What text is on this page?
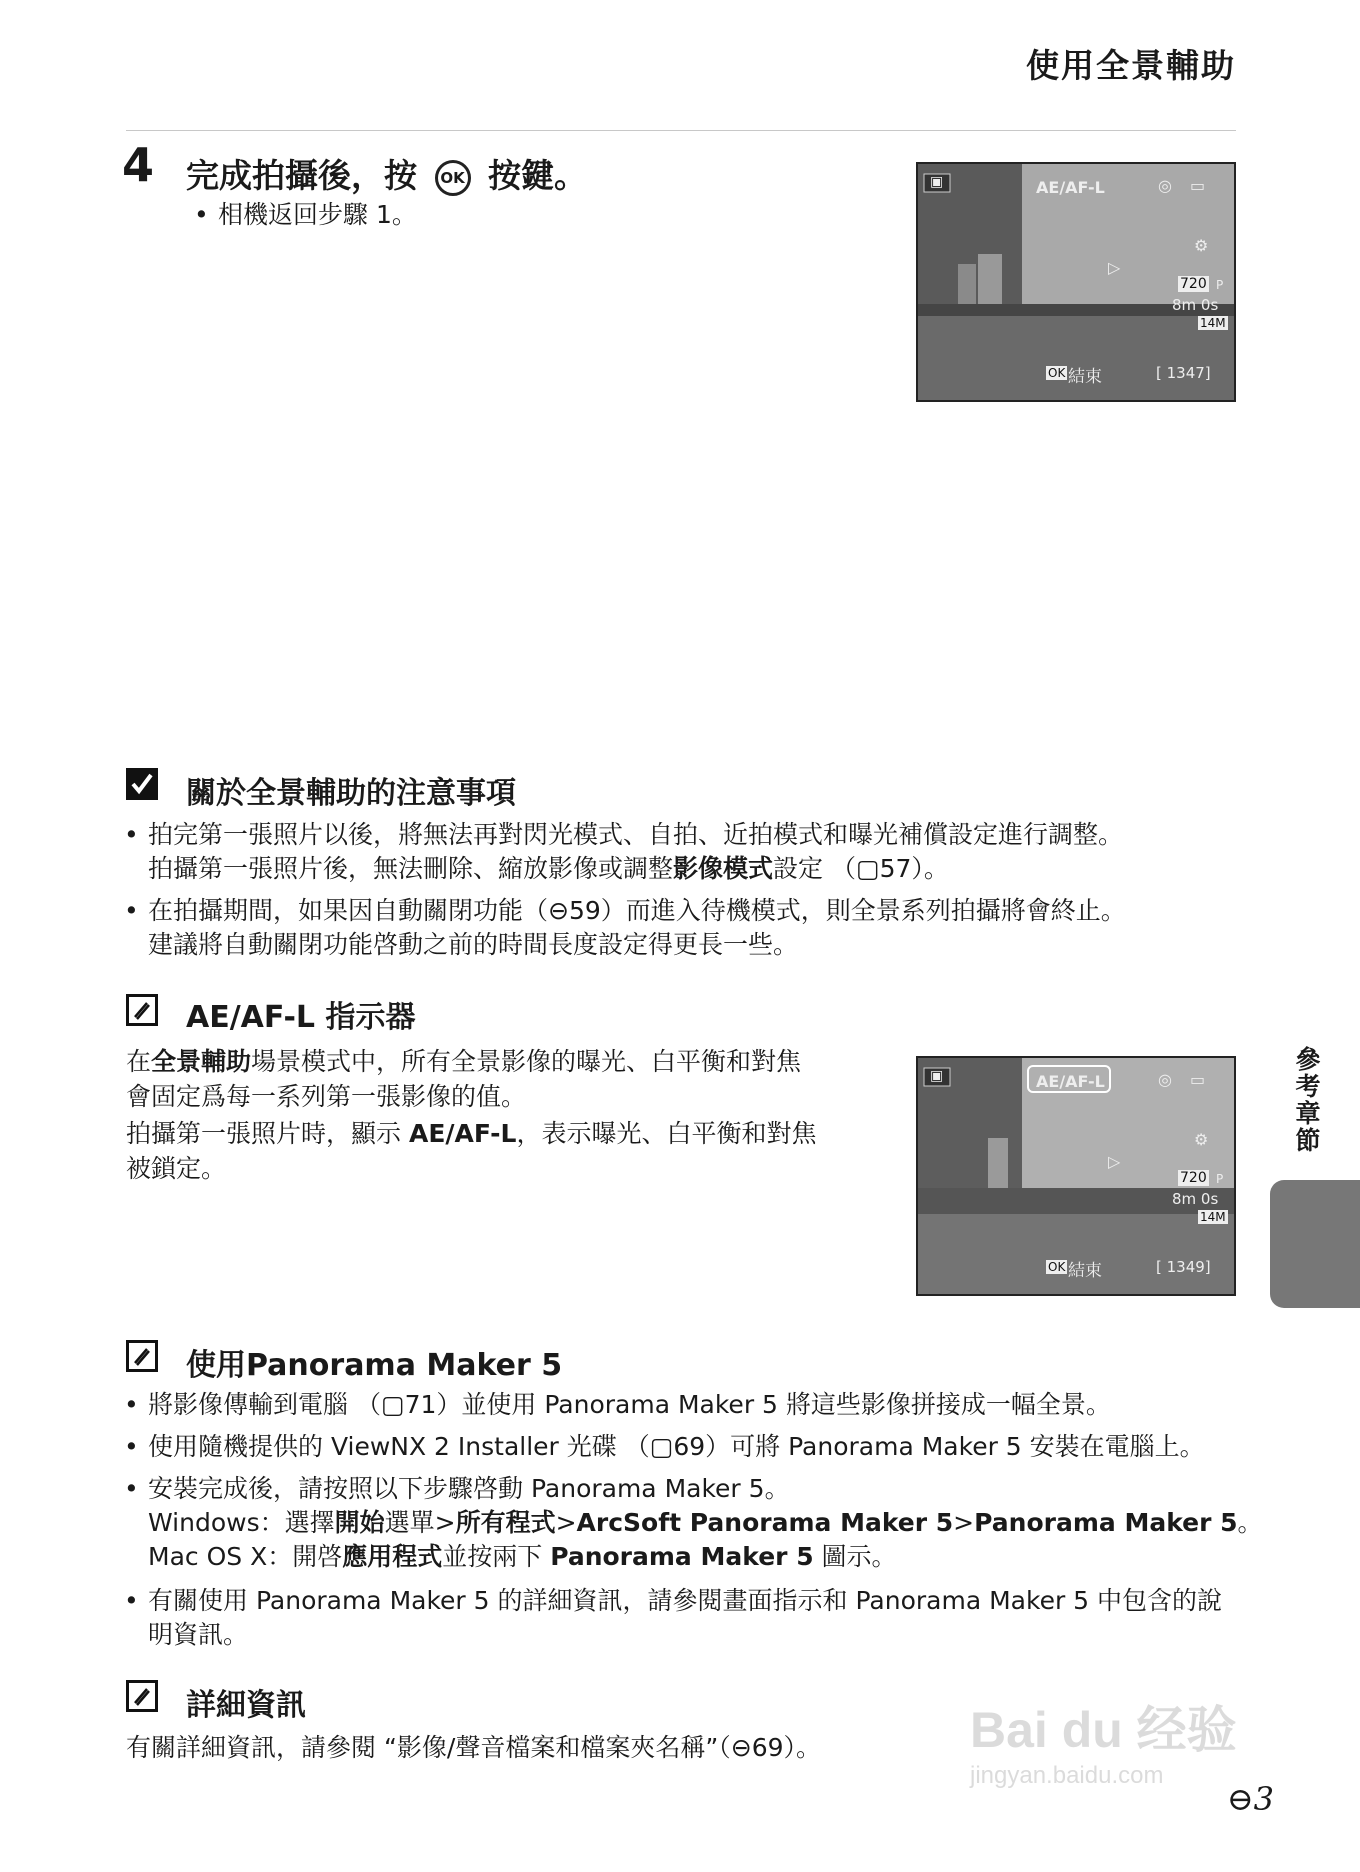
使用全景輔助
4 完成拍攝後，按 OK 按鍵。
• 相機返回步驟 1。
▣	AE/AF-L	◎ ▭
▷
⚙
720 P
8m 0s
14M
OK 結束	[ 1347]
關於全景輔助的注意事項
• 拍完第一張照片以後，將無法再對閃光模式、自拍、近拍模式和曝光補償設定進行調整。
拍攝第一張照片後，無法刪除、縮放影像或調整影像模式設定 （▢57）。
• 在拍攝期間，如果因自動關閉功能（⊖59）而進入待機模式，則全景系列拍攝將會終止。
建議將自動關閉功能啓動之前的時間長度設定得更長一些。
AE/AF-L 指示器
在全景輔助場景模式中，所有全景影像的曝光、白平衡和對焦
會固定爲每一系列第一張影像的值。
拍攝第一張照片時，顯示 AE/AF-L，表示曝光、白平衡和對焦
被鎖定。
▣	AE/AF-L	◎ ▭
▷
⚙
720 P
8m 0s
14M
OK 結束	[ 1349]
使用Panorama Maker 5
• 將影像傳輸到電腦 （▢71）並使用 Panorama Maker 5 將這些影像拼接成一幅全景。
• 使用隨機提供的 ViewNX 2 Installer 光碟 （▢69）可將 Panorama Maker 5 安裝在電腦上。
• 安裝完成後，請按照以下步驟啓動 Panorama Maker 5。
Windows：選擇開始選單>所有程式>ArcSoft Panorama Maker 5>Panorama Maker 5。
Mac OS X：開啓應用程式並按兩下 Panorama Maker 5 圖示。
• 有關使用 Panorama Maker 5 的詳細資訊，請參閱畫面指示和 Panorama Maker 5 中包含的說
明資訊。
詳細資訊
有關詳細資訊，請參閱 “影像/聲音檔案和檔案夾名稱”（⊖69）。
參考章節
Bai du 经验
jingyan.baidu.com
⊖3
